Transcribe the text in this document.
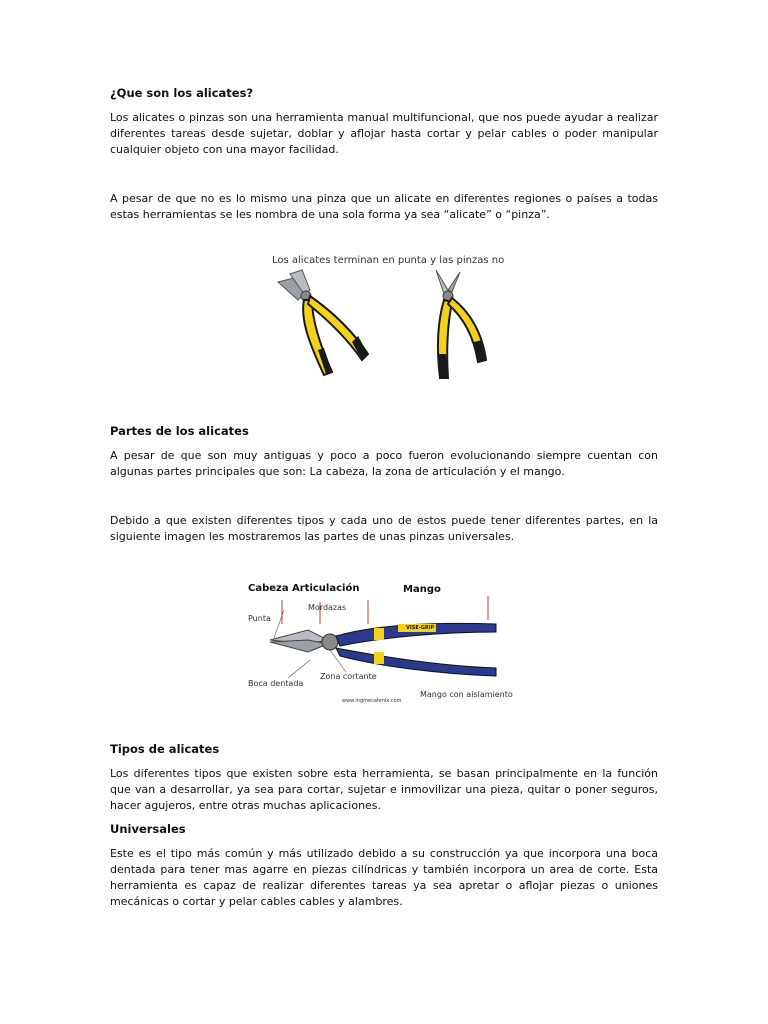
¿Que son los alicates?

Los alicates o pinzas son una herramienta manual multifuncional, que nos puede ayudar a realizar diferentes tareas desde sujetar, doblar y aflojar hasta cortar y pelar cables o poder manipular cualquier objeto con una mayor facilidad.

A pesar de que no es lo mismo una pinza que un alicate en diferentes regiones o países a todas estas herramientas se les nombra de una sola forma ya sea “alicate” o “pinza”.

Los alicates terminan en punta y las pinzas no
Partes de los alicates

A pesar de que son muy antiguas y poco a poco fueron evolucionando siempre cuentan con algunas partes principales que son: La cabeza, la zona de articulación y el mango.

Debido a que existen diferentes tipos y cada uno de estos puede tener diferentes partes, en la siguiente imagen les mostraremos las partes de unas pinzas universales.

Cabeza Articulación	Mango
Mordazas
Punta
Boca dentada
Zona cortante
Mango con aislamiento
VISE-GRIP
www.ingmecafenix.com
Tipos de alicates

Los diferentes tipos que existen sobre esta herramienta, se basan principalmente en la función que van a desarrollar, ya sea para cortar, sujetar e inmovilizar una pieza, quitar o poner seguros, hacer agujeros, entre otras muchas aplicaciones.

Universales

Este es el tipo más común y más utilizado debido a su construcción ya que incorpora una boca dentada para tener mas agarre en piezas cilíndricas y también incorpora un area de corte. Esta herramienta es capaz de realizar diferentes tareas ya sea apretar o aflojar piezas o uniones mecánicas o cortar y pelar cables cables y alambres.
